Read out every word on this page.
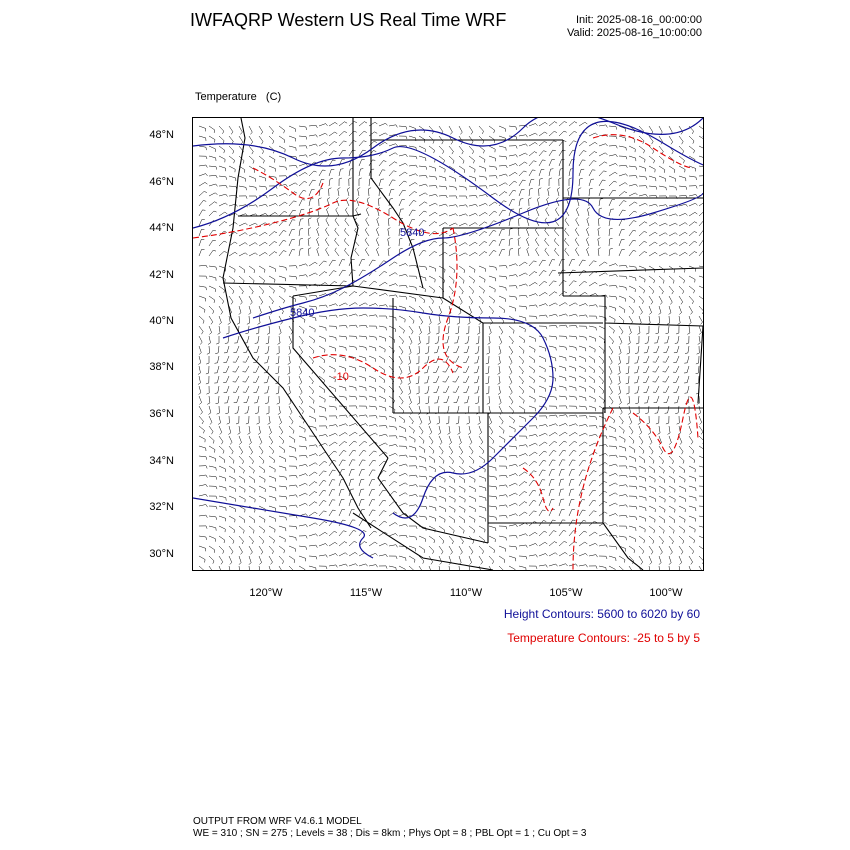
IWFAQRP Western US Real Time WRF	Init: 2025-08-16_00:00:00
Valid: 2025-08-16_10:00:00

Temperature   (C)

5840
5840
-10
48°N
46°N
44°N
42°N
40°N
38°N
36°N
34°N
32°N
30°N
120°W	115°W	110°W	105°W	100°W
Height Contours: 5600 to 6020 by 60
Temperature Contours: -25 to 5 by 5
OUTPUT FROM WRF V4.6.1 MODEL
WE = 310 ; SN = 275 ; Levels = 38 ; Dis = 8km ; Phys Opt = 8 ; PBL Opt = 1 ; Cu Opt = 3
